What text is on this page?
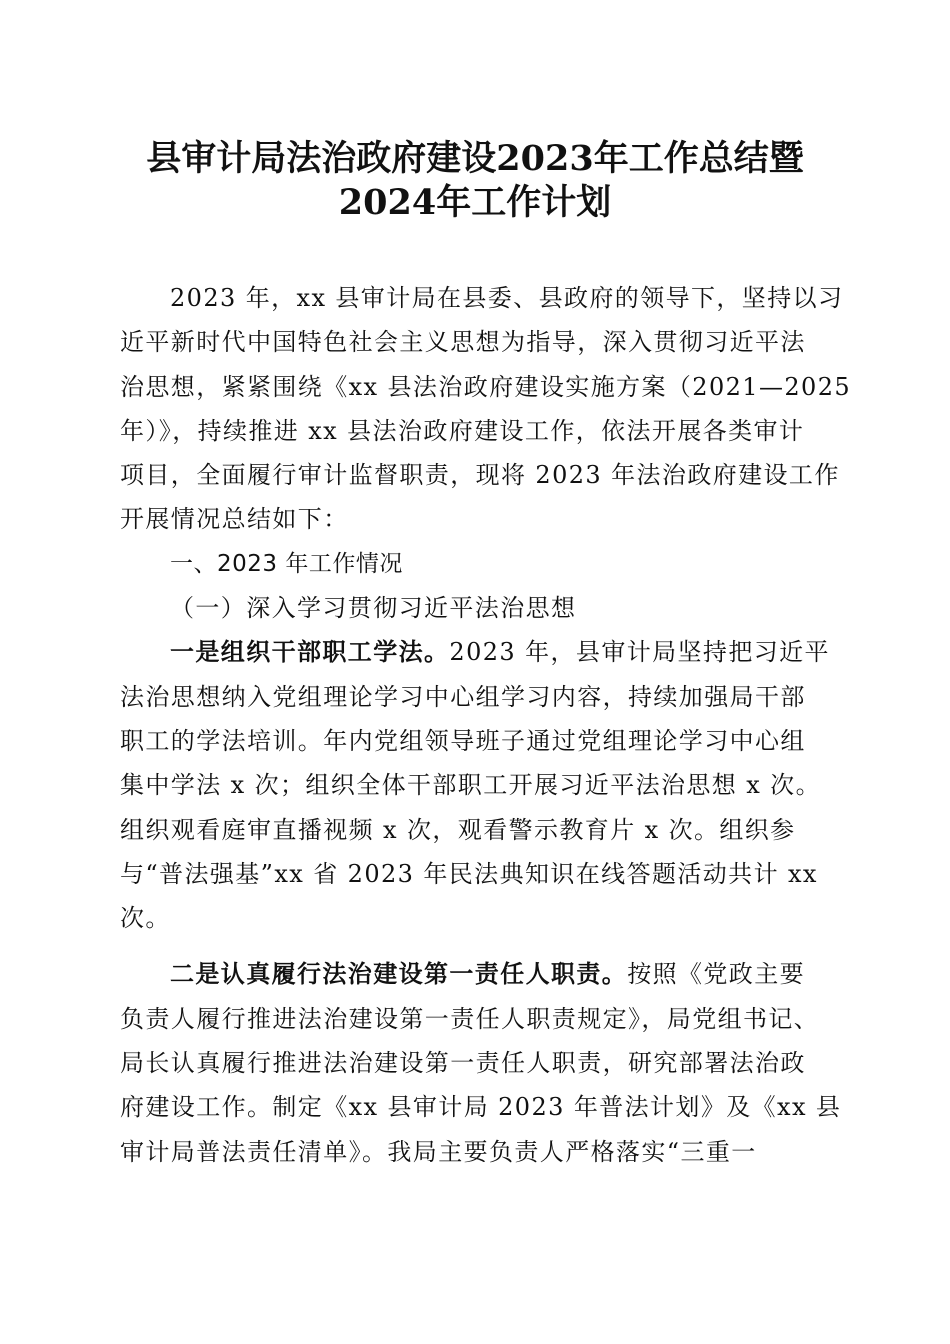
县审计局法治政府建设2023年工作总结暨
2024年工作计划
2023 年，xx 县审计局在县委、县政府的领导下，坚持以习
近平新时代中国特色社会主义思想为指导，深入贯彻习近平法
治思想，紧紧围绕《xx 县法治政府建设实施方案（2021—2025
年）》，持续推进 xx 县法治政府建设工作，依法开展各类审计
项目，全面履行审计监督职责，现将 2023 年法治政府建设工作
开展情况总结如下：
一、2023 年工作情况
（一）深入学习贯彻习近平法治思想
一是组织干部职工学法。2023 年，县审计局坚持把习近平
法治思想纳入党组理论学习中心组学习内容，持续加强局干部
职工的学法培训。年内党组领导班子通过党组理论学习中心组
集中学法 x 次；组织全体干部职工开展习近平法治思想 x 次。
组织观看庭审直播视频 x 次，观看警示教育片 x 次。组织参
与“普法强基”xx 省 2023 年民法典知识在线答题活动共计 xx
次。
二是认真履行法治建设第一责任人职责。按照《党政主要
负责人履行推进法治建设第一责任人职责规定》，局党组书记、
局长认真履行推进法治建设第一责任人职责，研究部署法治政
府建设工作。制定《xx 县审计局 2023 年普法计划》及《xx 县
审计局普法责任清单》。我局主要负责人严格落实“三重一
